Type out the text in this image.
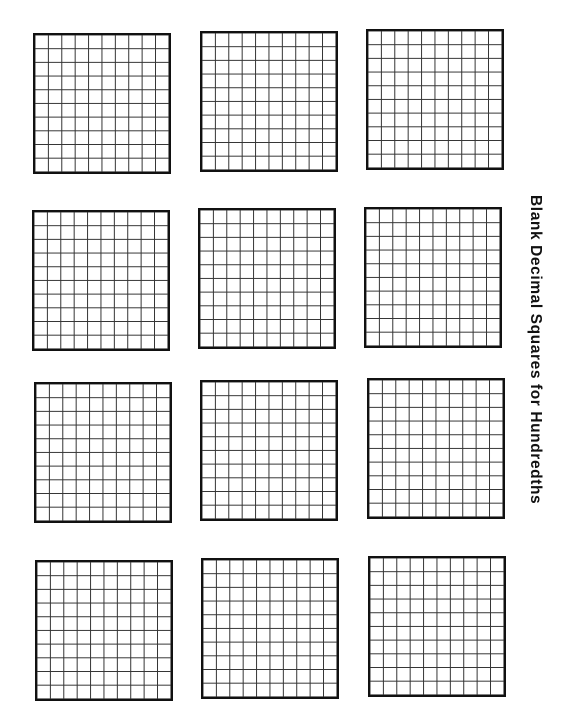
Blank Decimal Squares for Hundredths
